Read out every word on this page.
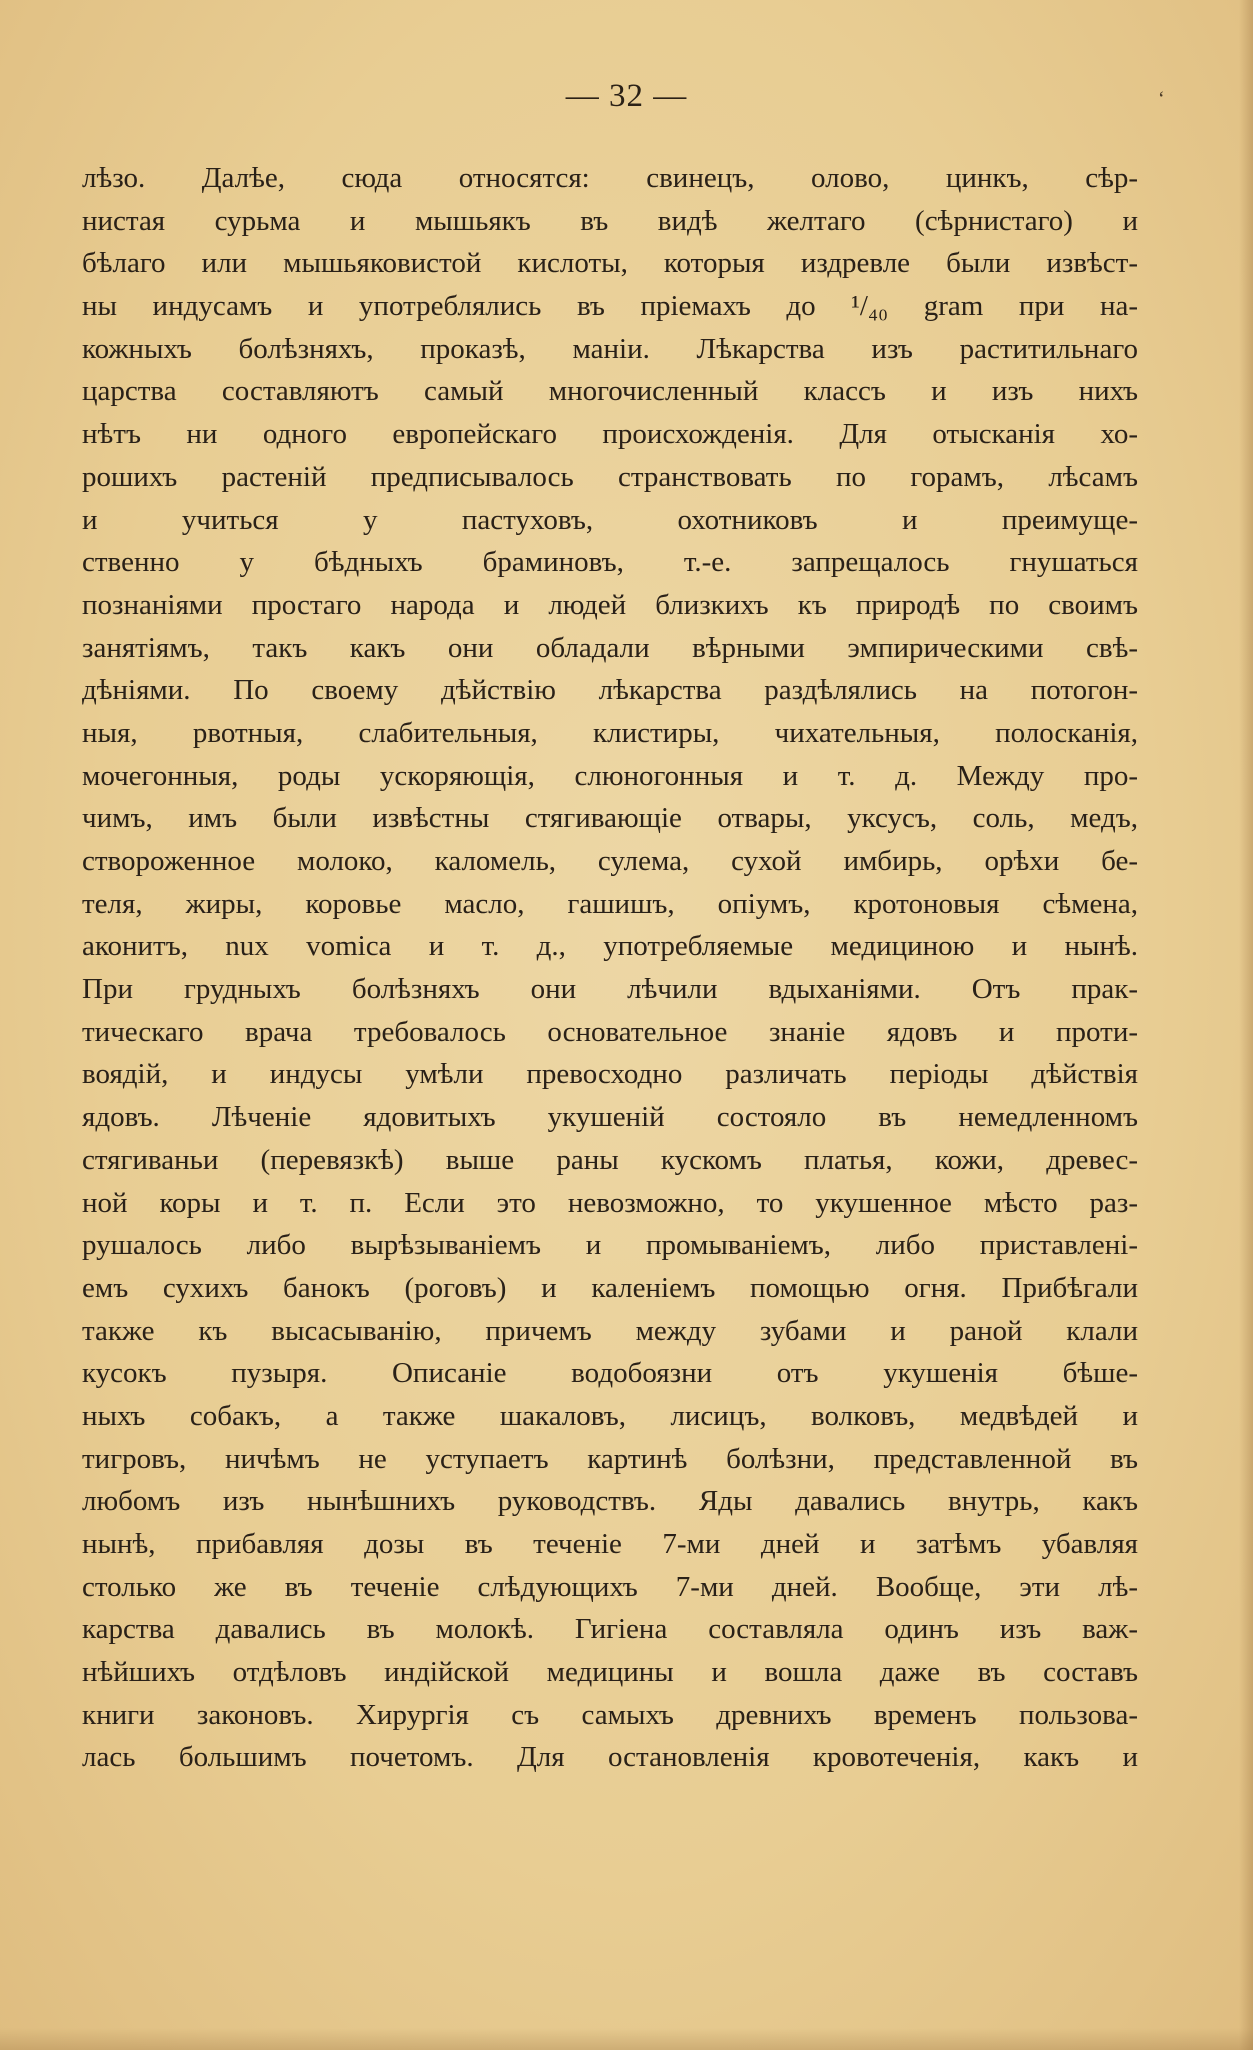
— 32 —	‘
лѣзо. Далѣе, сюда относятся: свинецъ, олово, цинкъ, сѣр-
нистая сурьма и мышьякъ въ видѣ желтаго (сѣрнистаго) и
бѣлаго или мышьяковистой кислоты, которыя издревле были извѣст-
ны индусамъ и употреблялись въ пріемахъ до ¹/₄₀ gram при на-
кожныхъ болѣзняхъ, проказѣ, маніи. Лѣкарства изъ раститильнаго
царства составляютъ самый многочисленный классъ и изъ нихъ
нѣтъ ни одного европейскаго происхожденія. Для отысканія хо-
рошихъ растеній предписывалось странствовать по горамъ, лѣсамъ
и учиться у пастуховъ, охотниковъ и преимуще-
ственно у бѣдныхъ браминовъ, т.-е. запрещалось гнушаться
познаніями простаго народа и людей близкихъ къ природѣ по своимъ
занятіямъ, такъ какъ они обладали вѣрными эмпирическими свѣ-
дѣніями. По своему дѣйствію лѣкарства раздѣлялись на потогон-
ныя, рвотныя, слабительныя, клистиры, чихательныя, полосканія,
мочегонныя, роды ускоряющія, слюногонныя и т. д. Между про-
чимъ, имъ были извѣстны стягивающіе отвары, уксусъ, соль, медъ,
створоженное молоко, каломель, сулема, сухой имбирь, орѣхи бе-
теля, жиры, коровье масло, гашишъ, опіумъ, кротоновыя сѣмена,
аконитъ, nux vomica и т. д., употребляемые медициною и нынѣ.
При грудныхъ болѣзняхъ они лѣчили вдыханіями. Отъ прак-
тическаго врача требовалось основательное знаніе ядовъ и проти-
воядій, и индусы умѣли превосходно различать періоды дѣйствія
ядовъ. Лѣченіе ядовитыхъ укушеній состояло въ немедленномъ
стягиваньи (перевязкѣ) выше раны кускомъ платья, кожи, древес-
ной коры и т. п. Если это невозможно, то укушенное мѣсто раз-
рушалось либо вырѣзываніемъ и промываніемъ, либо приставлені-
емъ сухихъ банокъ (роговъ) и каленіемъ помощью огня. Прибѣгали
также къ высасыванію, причемъ между зубами и раной клали
кусокъ пузыря. Описаніе водобоязни отъ укушенія бѣше-
ныхъ собакъ, а также шакаловъ, лисицъ, волковъ, медвѣдей и
тигровъ, ничѣмъ не уступаетъ картинѣ болѣзни, представленной въ
любомъ изъ нынѣшнихъ руководствъ. Яды давались внутрь, какъ
нынѣ, прибавляя дозы въ теченіе 7-ми дней и затѣмъ убавляя
столько же въ теченіе слѣдующихъ 7-ми дней. Вообще, эти лѣ-
карства давались въ молокѣ. Гигіена составляла одинъ изъ важ-
нѣйшихъ отдѣловъ индійской медицины и вошла даже въ составъ
книги законовъ. Хирургія съ самыхъ древнихъ временъ пользова-
лась большимъ почетомъ. Для остановленія кровотеченія, какъ и
